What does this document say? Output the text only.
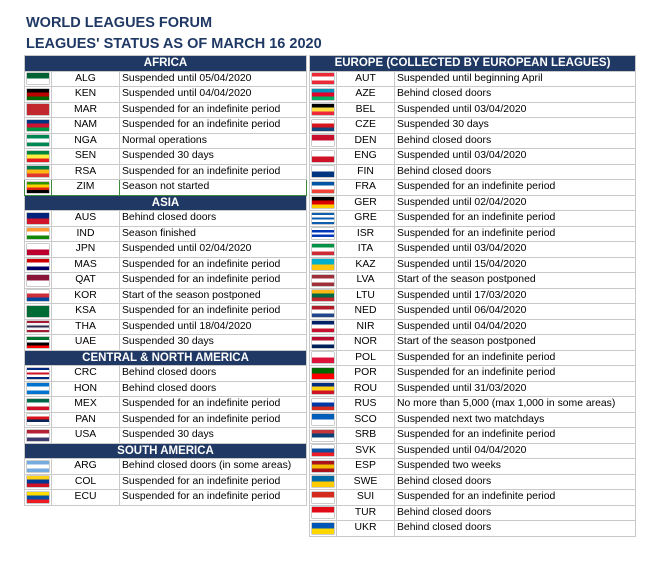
WORLD LEAGUES FORUM
LEAGUES' STATUS AS OF MARCH 16 2020
AFRICA		

	ALG	Suspended until 05/04/2020

	KEN	Suspended until 04/04/2020

	MAR	Suspended for an indefinite period

	NAM	Suspended for an indefinite period

	NGA	Normal operations

	SEN	Suspended 30 days

	RSA	Suspended for an indefinite period

	ZIM	Season not started
ASIA		

	AUS	Behind closed doors

	IND	Season finished

	JPN	Suspended until 02/04/2020

	MAS	Suspended for an indefinite period

	QAT	Suspended for an indefinite period

	KOR	Start of the season postponed

	KSA	Suspended for an indefinite period

	THA	Suspended until 18/04/2020

	UAE	Suspended 30 days
CENTRAL & NORTH AMERICA		

	CRC	Behind closed doors

	HON	Behind closed doors

	MEX	Suspended for an indefinite period

	PAN	Suspended for an indefinite period

	USA	Suspended 30 days
SOUTH AMERICA		

	ARG	Behind closed doors (in some areas)

	COL	Suspended for an indefinite period

	ECU	Suspended for an indefinite period
EUROPE (COLLECTED BY EUROPEAN LEAGUES)		

	AUT	Suspended until beginning April

	AZE	Behind closed doors

	BEL	Suspended until 03/04/2020

	CZE	Suspended 30 days

	DEN	Behind closed doors

	ENG	Suspended until 03/04/2020

	FIN	Behind closed doors

	FRA	Suspended for an indefinite period

	GER	Suspended until 02/04/2020

	GRE	Suspended for an indefinite period

	ISR	Suspended for an indefinite period

	ITA	Suspended until 03/04/2020

	KAZ	Suspended until 15/04/2020

	LVA	Start of the season postponed

	LTU	Suspended until 17/03/2020

	NED	Suspended until 06/04/2020

	NIR	Suspended until 04/04/2020

	NOR	Start of the season postponed

	POL	Suspended for an indefinite period

	POR	Suspended for an indefinite period

	ROU	Suspended until 31/03/2020

	RUS	No more than 5,000 (max 1,000 in some areas)

	SCO	Suspended next two matchdays

	SRB	Suspended for an indefinite period

	SVK	Suspended until 04/04/2020

	ESP	Suspended two weeks

	SWE	Behind closed doors

	SUI	Suspended for an indefinite period

	TUR	Behind closed doors

	UKR	Behind closed doors
